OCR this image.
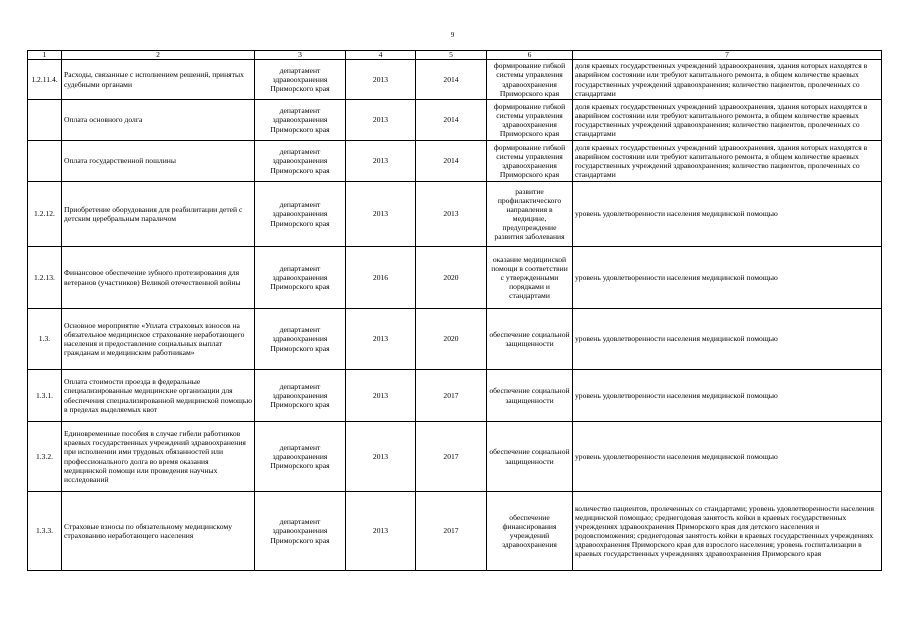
9
1	2	3	4	5	6	7
1.2.11.4.	Расходы, связанные с исполнением решений, принятых судебными органами	департамент здравоохранения Приморского края	2013	2014	формирование гибкой системы управления здравоохранения Приморского края	доля краевых государственных учреждений здравоохранения, здания которых находятся в аварийном состоянии или требуют капитального ремонта, в общем количестве краевых государственных учреждений здравоохранения; количество пациентов, пролеченных со стандартами
	Оплата основного долга	департамент здравоохранения Приморского края	2013	2014	формирование гибкой системы управления здравоохранения Приморского края	доля краевых государственных учреждений здравоохранения, здания которых находятся в аварийном состоянии или требуют капитального ремонта, в общем количестве краевых государственных учреждений здравоохранения; количество пациентов, пролеченных со стандартами
	Оплата государственной пошлины	департамент здравоохранения Приморского края	2013	2014	формирование гибкой системы управления здравоохранения Приморского края	доля краевых государственных учреждений здравоохранения, здания которых находятся в аварийном состоянии или требуют капитального ремонта, в общем количестве краевых государственных учреждений здравоохранения; количество пациентов, пролеченных со стандартами
1.2.12.	Приобретение оборудования для реабилитации детей с детским церебральным параличом	департамент здравоохранения Приморского края	2013	2013	развитие профилактического направления в медицине, предупреждение развития заболевания	уровень удовлетворенности населения медицинской помощью
1.2.13.	Финансовое обеспечение зубного протезирования для ветеранов (участников) Великой отечественной войны	департамент здравоохранения Приморского края	2016	2020	оказание медицинской помощи в соответствии с утвержденными порядками и стандартами	уровень удовлетворенности населения медицинской помощью
1.3.	Основное мероприятие «Уплата страховых взносов на обязательное медицинское страхование неработающего населения и предоставление социальных выплат гражданам и медицинским работникам»	департамент здравоохранения Приморского края	2013	2020	обеспечение социальной защищенности	уровень удовлетворенности населения медицинской помощью
1.3.1.	Оплата стоимости проезда в федеральные специализированные медицинские организации для обеспечения специализированной медицинской помощью в пределах выделяемых квот	департамент здравоохранения Приморского края	2013	2017	обеспечение социальной защищенности	уровень удовлетворенности населения медицинской помощью
1.3.2.	Единовременные пособия в случае гибели работников краевых государственных учреждений здравоохранения при исполнении ими трудовых обязанностей или профессионального долга во время оказания медицинской помощи или проведения научных исследований	департамент здравоохранения Приморского края	2013	2017	обеспечение социальной защищенности	уровень удовлетворенности населения медицинской помощью
1.3.3.	Страховые взносы по обязательному медицинскому страхованию неработающего населения	департамент здравоохранения Приморского края	2013	2017	обеспечение финансирования учреждений здравоохранения	количество пациентов, пролеченных со стандартами; уровень удовлетворенности населения медицинской помощью; среднегодовая занятость койки в краевых государственных учреждениях здравоохранения Приморского края для детского населения и родовспоможения; среднегодовая занятость койки в краевых государственных учреждениях здравоохранения Приморского края для взрослого населения; уровень госпитализации в краевых государственных учреждениях здравоохранения Приморского края
